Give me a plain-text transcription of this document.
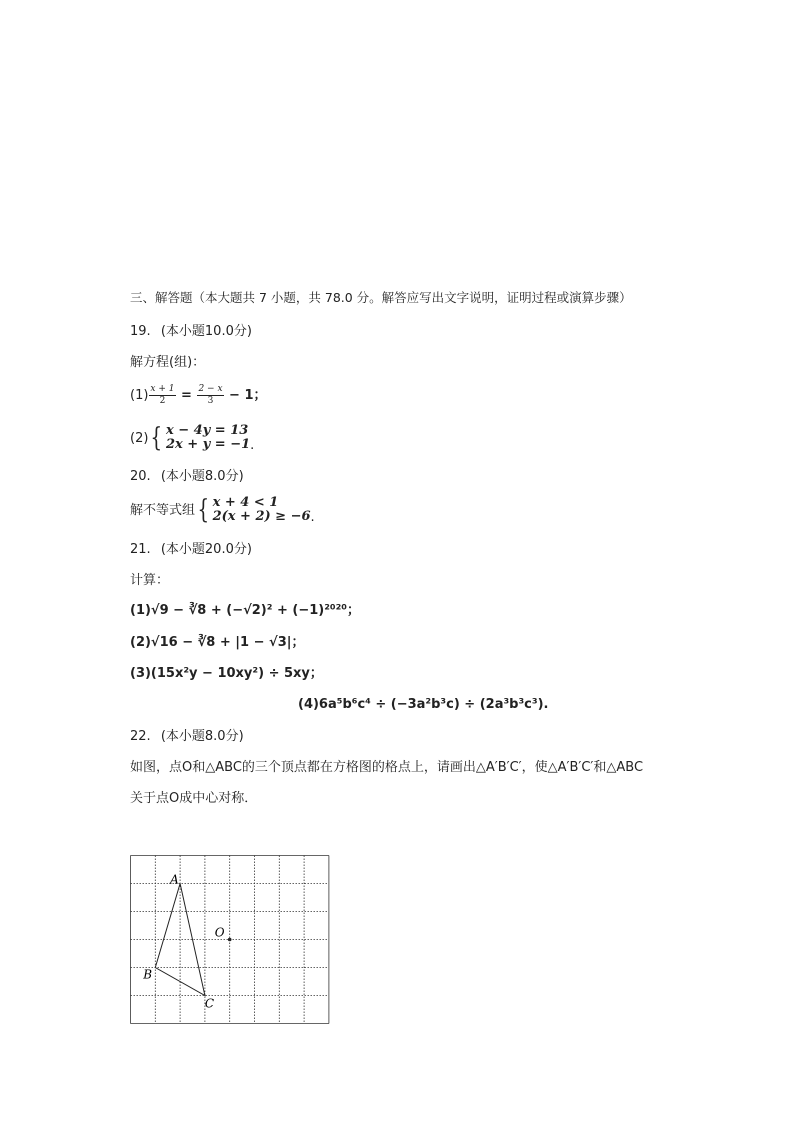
三、解答题（本大题共 7 小题，共 78.0 分。解答应写出文字说明，证明过程或演算步骤）
19. (本小题10.0分)
解方程(组)：
$(1) \frac{x + 1}{2} = \frac{2 - x}{3} - 1$；
(2) { x − 4y = 13
2x + y = −1 .
20. (本小题8.0分)
解不等式组 { x + 4 < 1
2(x + 2) ≥ −6 .
21. (本小题20.0分)
计算：
(1)√9 − ∛8 + (−√2)² + (−1)²⁰²⁰；
(2)√16 − ∛8 + |1 − √3|；
(3)(15x²y − 10xy²) ÷ 5xy；
(4)6a⁵b⁶c⁴ ÷ (−3a²b³c) ÷ (2a³b³c³).
22. (本小题8.0分)
如图，点O和△ABC的三个顶点都在方格图的格点上，请画出△A′B′C′，使△A′B′C′和△ABC
关于点O成中心对称．
A
B
C
O
